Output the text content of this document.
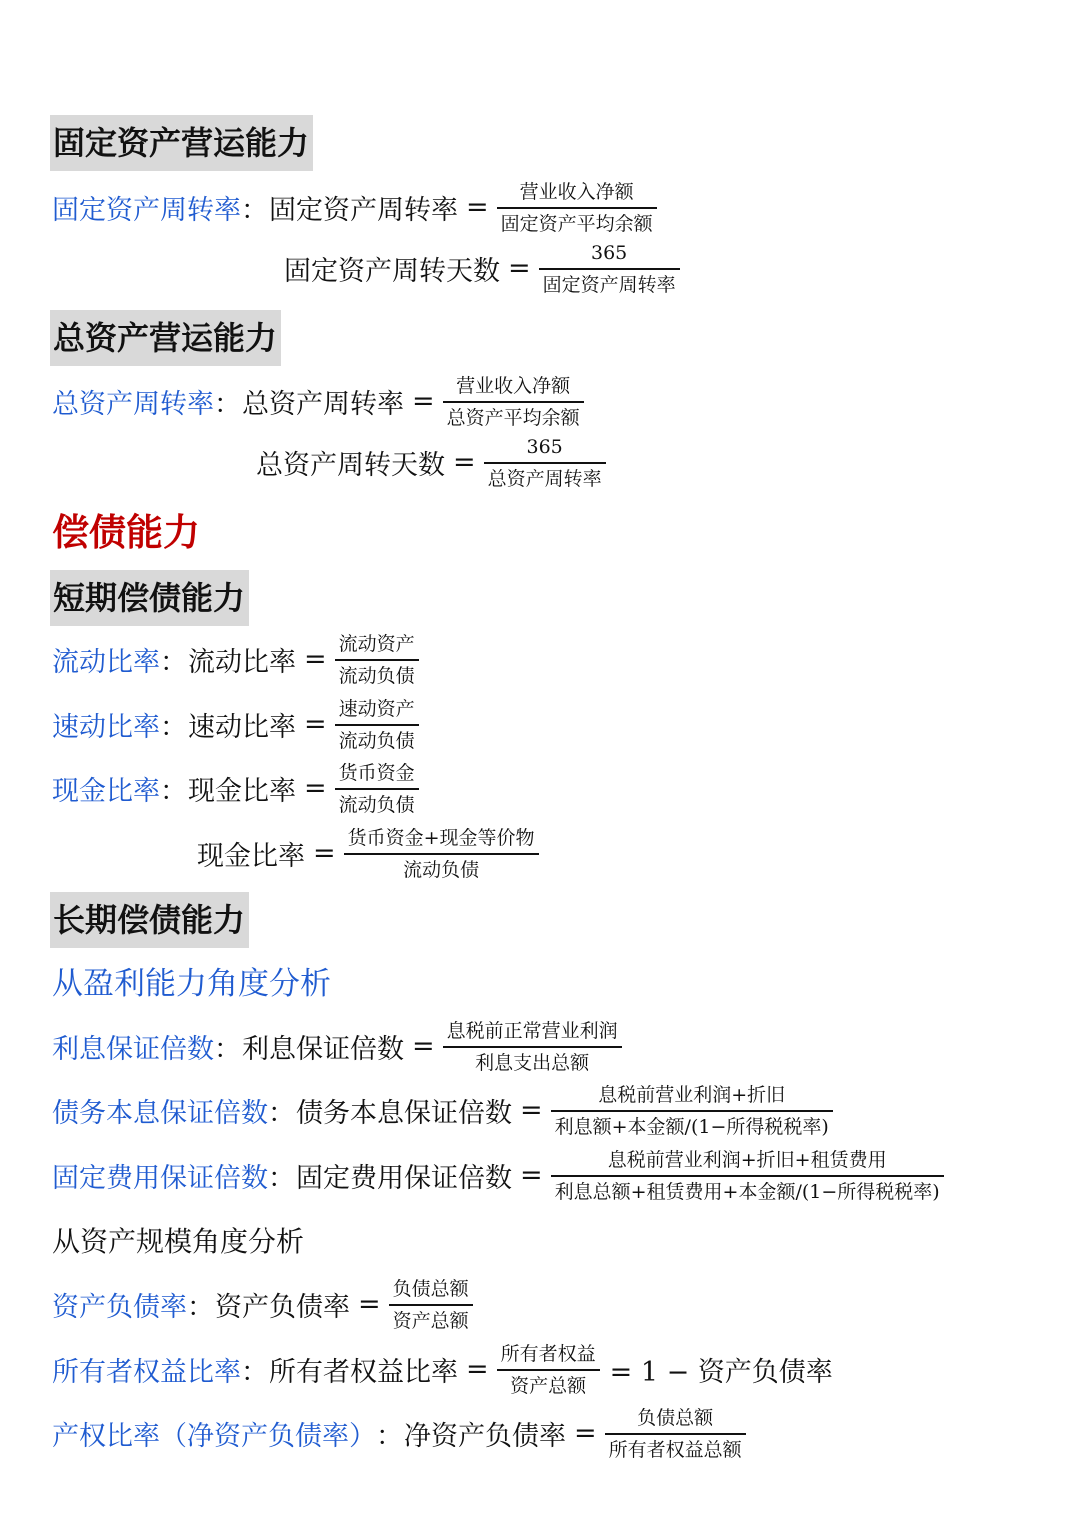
固定资产营运能力
固定资产周转率 ： 固定资产周转率 = $\frac{\text{营业收入净额}}{\text{固定资产平均余额}}$
固定资产周转天数 = $\frac{365}{\text{固定资产周转率}}$
总资产营运能力
总资产周转率 ： 总资产周转率 = $\frac{\text{营业收入净额}}{\text{总资产平均余额}}$
总资产周转天数 = $\frac{365}{\text{总资产周转率}}$
偿债能力
短期偿债能力
流动比率 ： 流动比率 = $\frac{\text{流动资产}}{\text{流动负债}}$
速动比率 ： 速动比率 = $\frac{\text{速动资产}}{\text{流动负债}}$
现金比率 ： 现金比率 = $\frac{\text{货币资金}}{\text{流动负债}}$
现金比率 = $\frac{\text{货币资金+现金等价物}}{\text{流动负债}}$
长期偿债能力
从盈利能力角度分析
利息保证倍数 ： 利息保证倍数 = $\frac{\text{息税前正常营业利润}}{\text{利息支出总额}}$
债务本息保证倍数 ： 债务本息保证倍数 = $\frac{\text{息税前营业利润+折旧}}{\text{利息额+本金额/(1−所得税税率)}}$
固定费用保证倍数 ： 固定费用保证倍数 = $\frac{\text{息税前营业利润+折旧+租赁费用}}{\text{利息总额+租赁费用+本金额/(1−所得税税率)}}$
从资产规模角度分析
资产负债率 ： 资产负债率 = $\frac{\text{负债总额}}{\text{资产总额}}$
所有者权益比率 ： 所有者权益比率 = $\frac{\text{所有者权益}}{\text{资产总额}} = 1$ − 资产负债率
产权比率（净资产负债率） ： 净资产负债率 = $\frac{\text{负债总额}}{\text{所有者权益总额}}$
